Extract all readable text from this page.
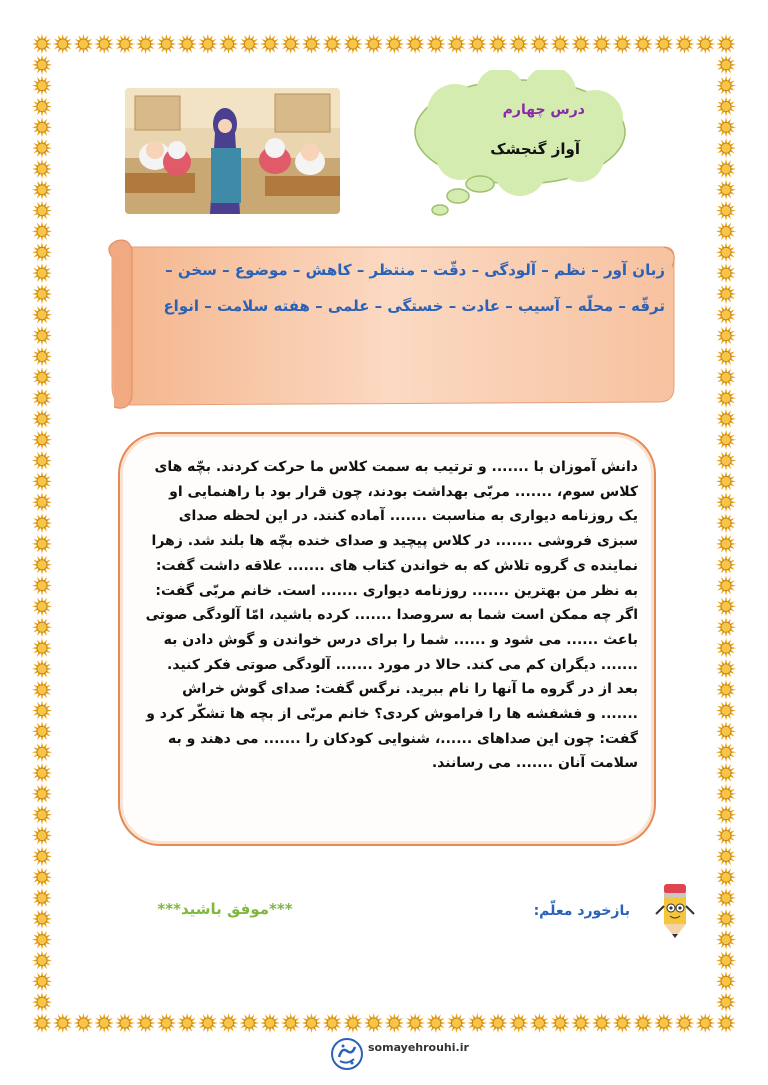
درس چهارم
آواز گنجشک
زبان آور – نظم – آلودگی – دقّت – منتظر – کاهش – موضوع – سخن –
ترقّه – محلّه – آسیب – عادت – خستگی – علمی – هفته سلامت – انواع
دانش آموزان با ....... و ترتیب به سمت کلاس ما حرکت کردند. بچّه های
کلاس سوم، ....... مربّی بهداشت بودند، چون قرار بود با راهنمایی او
یک روزنامه دیواری به مناسبت ....... آماده کنند. در این لحظه صدای
سبزی فروشی ....... در کلاس پیچید و صدای خنده بچّه ها بلند شد. زهرا
نماینده ی گروه تلاش که به خواندن کتاب های ....... علاقه داشت گفت:
به نظر من بهترین ....... روزنامه دیواری ....... است. خانم مربّی گفت:
اگر چه ممکن است شما به سروصدا ....... کرده باشید، امّا آلودگی صوتی
باعث ...... می شود و ...... شما را برای درس خواندن و گوش دادن به
....... دیگران کم می کند. حالا در مورد ....... آلودگی صوتی فکر کنید.
بعد از در گروه ما آنها را نام ببرید. نرگس گفت: صدای گوش خراش
....... و فشفشه ها را فراموش کردی؟ خانم مربّی از بچه ها تشکّر کرد و
گفت: چون این صداهای ......، شنوایی کودکان را ....... می دهند و به
سلامت آنان ....... می رسانند.
***موفق باشید***	بازخورد معلّم:
somayehrouhi.ir
